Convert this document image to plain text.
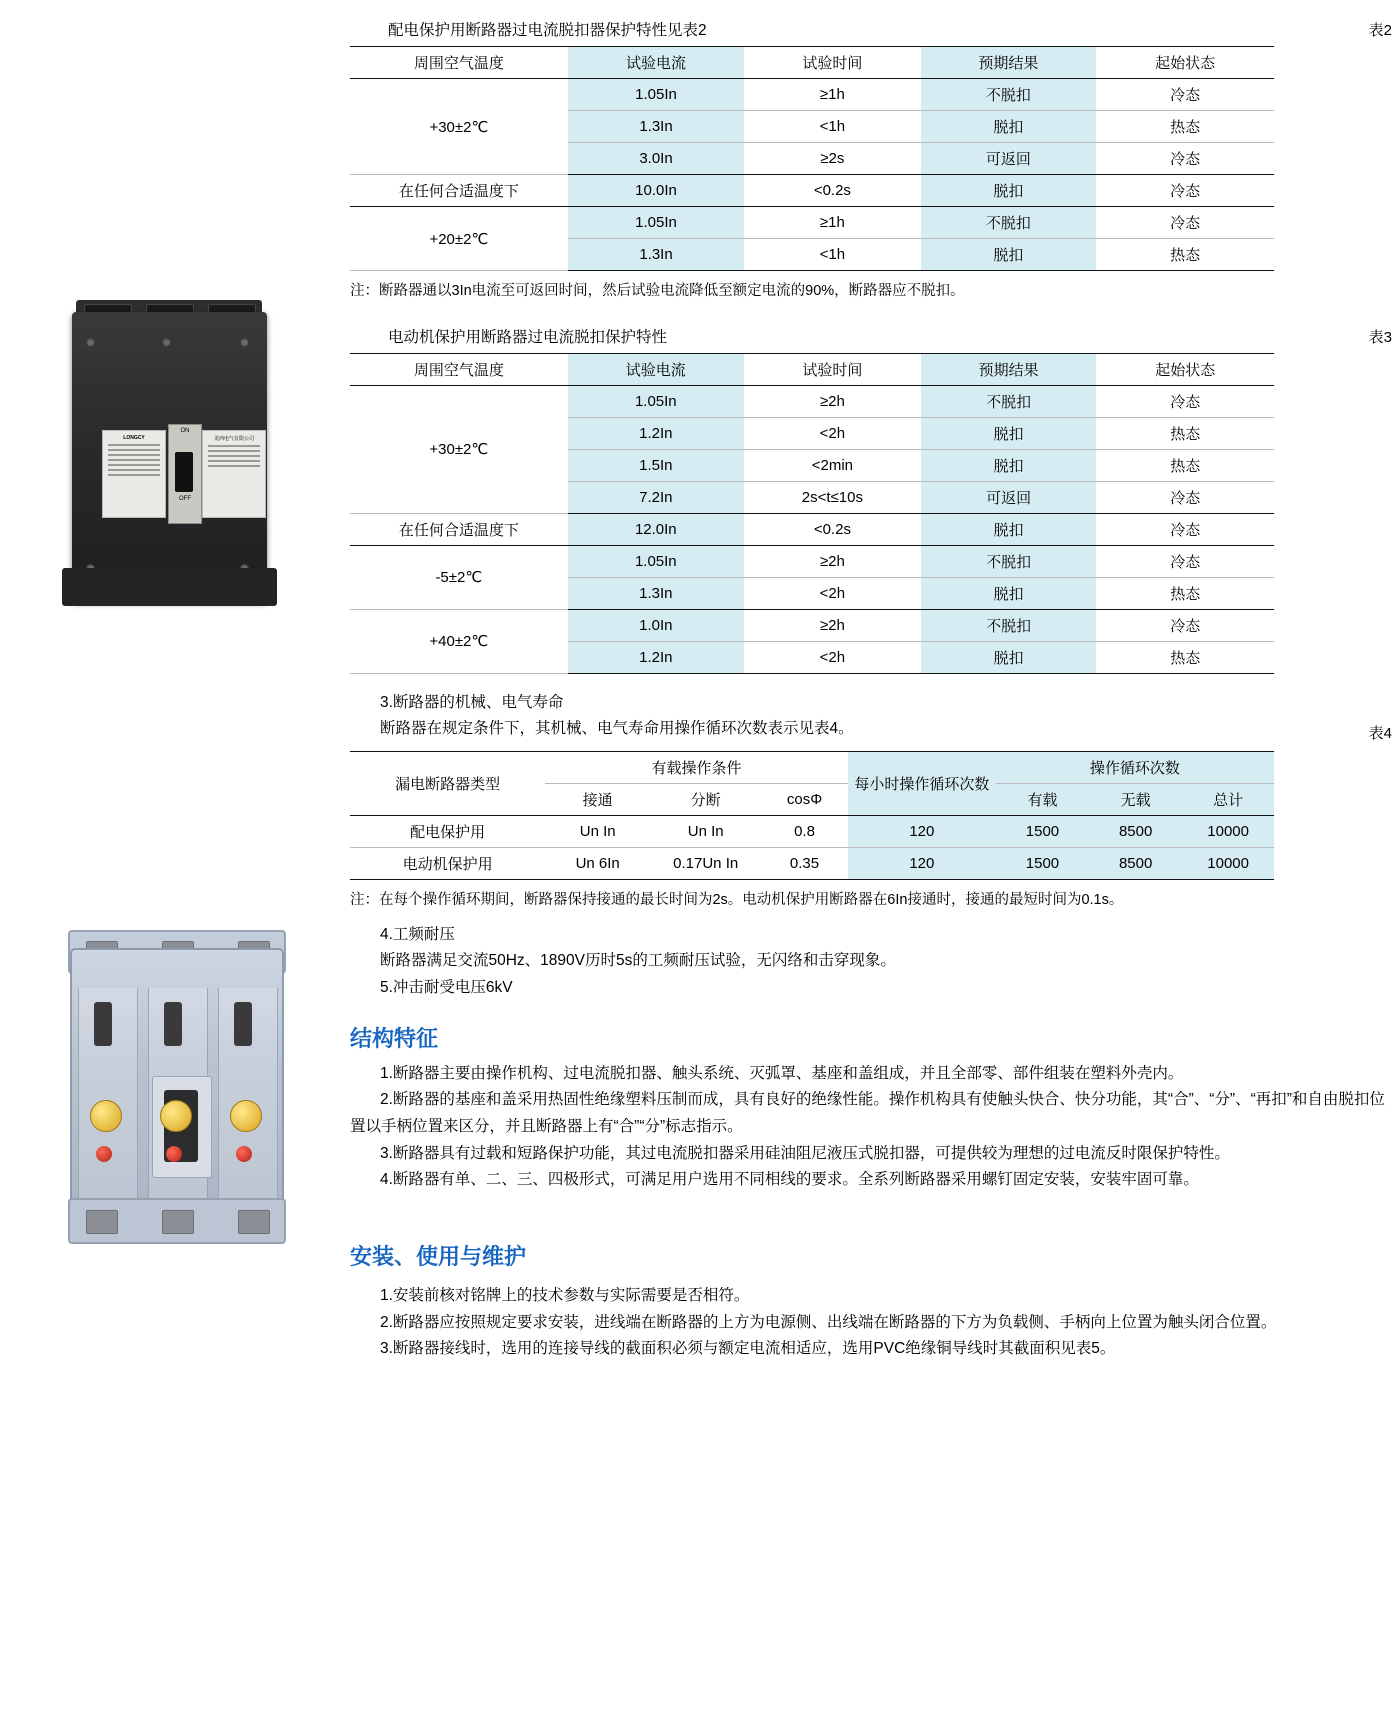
LONGCY
ON
OFF
龙西电气有限公司
配电保护用断路器过电流脱扣器保护特性见表2	表2
周围空气温度	试验电流	试验时间	预期结果	起始状态
+30±2℃	1.05In	≥1h	不脱扣	冷态
	1.3In	<1h	脱扣	热态
	3.0In	≥2s	可返回	冷态
在任何合适温度下	10.0In	<0.2s	脱扣	冷态
+20±2℃	1.05In	≥1h	不脱扣	冷态
	1.3In	<1h	脱扣	热态

注：断路器通以3In电流至可返回时间，然后试验电流降低至额定电流的90%，断路器应不脱扣。

电动机保护用断路器过电流脱扣保护特性	表3
周围空气温度	试验电流	试验时间	预期结果	起始状态
+30±2℃	1.05In	≥2h	不脱扣	冷态
	1.2In	<2h	脱扣	热态
	1.5In	<2min	脱扣	热态
	7.2In	2s<t≤10s	可返回	冷态
在任何合适温度下	12.0In	<0.2s	脱扣	冷态
-5±2℃	1.05In	≥2h	不脱扣	冷态
	1.3In	<2h	脱扣	热态
+40±2℃	1.0In	≥2h	不脱扣	冷态
	1.2In	<2h	脱扣	热态

3.断路器的机械、电气寿命

断路器在规定条件下，其机械、电气寿命用操作循环次数表示见表4。	表4
漏电断路器类型	有载操作条件			每小时操作循环次数	操作循环次数		
	接通	分断	cosΦ		有载	无载	总计
配电保护用	Un In	Un In	0.8	120	1500	8500	10000
电动机保护用	Un 6In	0.17Un In	0.35	120	1500	8500	10000

注：在每个操作循环期间，断路器保持接通的最长时间为2s。电动机保护用断路器在6In接通时，接通的最短时间为0.1s。

4.工频耐压

断路器满足交流50Hz、1890V历时5s的工频耐压试验，无闪络和击穿现象。

5.冲击耐受电压6kV

结构特征

1.断路器主要由操作机构、过电流脱扣器、触头系统、灭弧罩、基座和盖组成，并且全部零、部件组装在塑料外壳内。

2.断路器的基座和盖采用热固性绝缘塑料压制而成，具有良好的绝缘性能。操作机构具有使触头快合、快分功能，其“合”、“分”、“再扣”和自由脱扣位置以手柄位置来区分，并且断路器上有“合”“分”标志指示。

3.断路器具有过载和短路保护功能，其过电流脱扣器采用硅油阻尼液压式脱扣器，可提供较为理想的过电流反时限保护特性。

4.断路器有单、二、三、四极形式，可满足用户选用不同相线的要求。全系列断路器采用螺钉固定安装，安装牢固可靠。

安装、使用与维护

1.安装前核对铭牌上的技术参数与实际需要是否相符。

2.断路器应按照规定要求安装，进线端在断路器的上方为电源侧、出线端在断路器的下方为负载侧、手柄向上位置为触头闭合位置。

3.断路器接线时，选用的连接导线的截面积必须与额定电流相适应，选用PVC绝缘铜导线时其截面积见表5。
